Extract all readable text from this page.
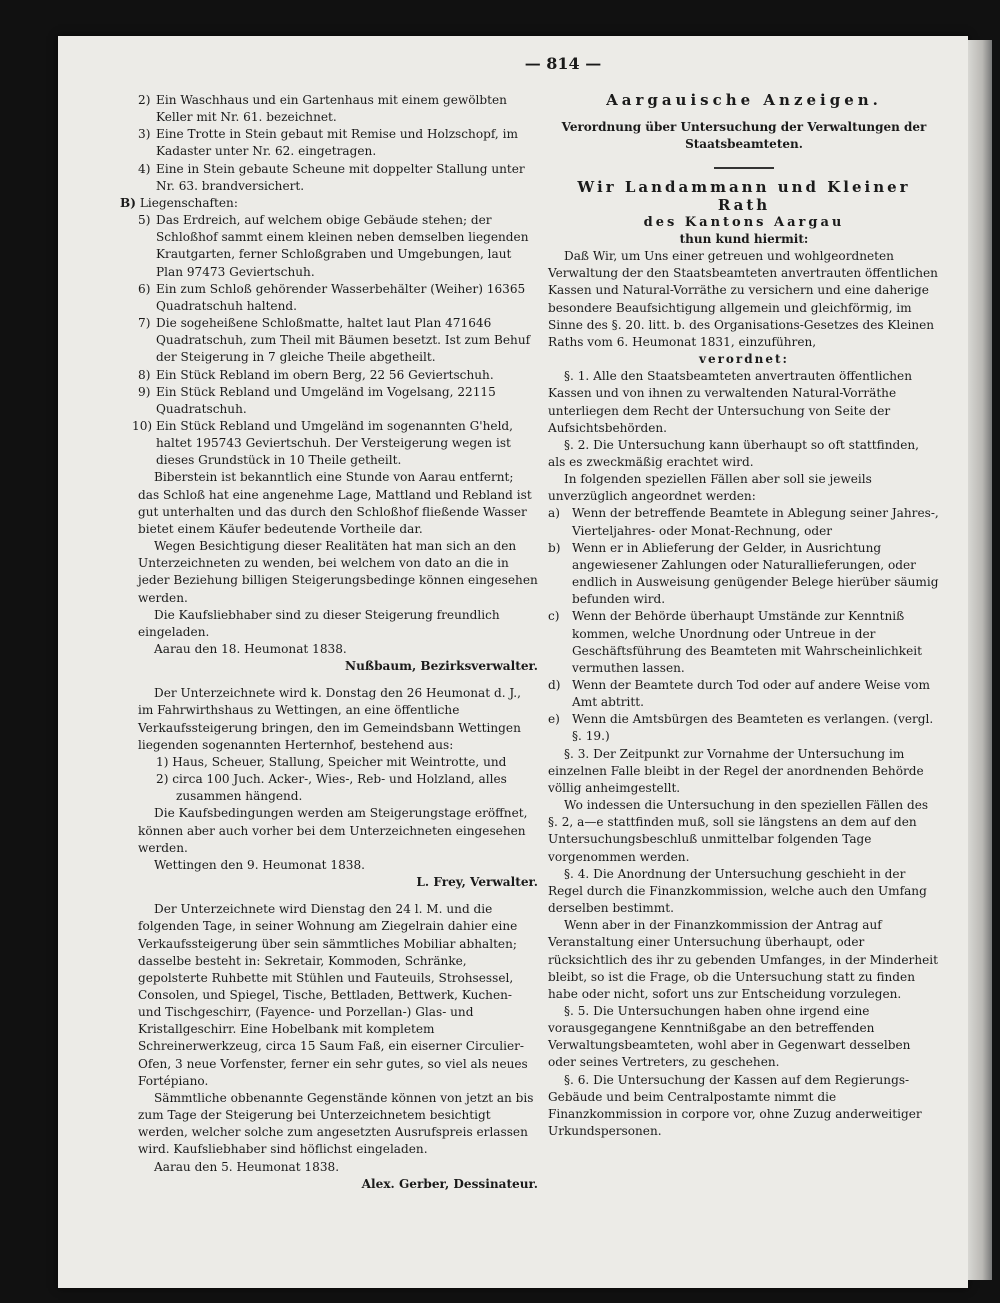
— 814 —
2) Ein Waschhaus und ein Gartenhaus mit einem gewölbten Keller mit Nr. 61. bezeichnet.
3) Eine Trotte in Stein gebaut mit Remise und Holzschopf, im Kadaster unter Nr. 62. eingetragen.
4) Eine in Stein gebaute Scheune mit doppelter Stallung unter Nr. 63. brandversichert.

B) Liegenschaften:

5) Das Erdreich, auf welchem obige Gebäude stehen; der Schloßhof sammt einem kleinen neben demselben liegenden Krautgarten, ferner Schloßgraben und Umgebungen, laut Plan 97473 Geviertschuh.
6) Ein zum Schloß gehörender Wasserbehälter (Weiher) 16365 Quadratschuh haltend.
7) Die sogeheißene Schloßmatte, haltet laut Plan 471646 Quadratschuh, zum Theil mit Bäumen besetzt. Ist zum Behuf der Steigerung in 7 gleiche Theile abgetheilt.
8) Ein Stück Rebland im obern Berg, 22 56 Geviertschuh.
9) Ein Stück Rebland und Umgeländ im Vogelsang, 22115 Quadratschuh.
10) Ein Stück Rebland und Umgeländ im sogenannten G'held, haltet 195743 Geviertschuh. Der Versteigerung wegen ist dieses Grundstück in 10 Theile getheilt.

Biberstein ist bekanntlich eine Stunde von Aarau entfernt; das Schloß hat eine angenehme Lage, Mattland und Rebland ist gut unterhalten und das durch den Schloßhof fließende Wasser bietet einem Käufer bedeutende Vortheile dar.

Wegen Besichtigung dieser Realitäten hat man sich an den Unterzeichneten zu wenden, bei welchem von dato an die in jeder Beziehung billigen Steigerungsbedinge können eingesehen werden.

Die Kaufsliebhaber sind zu dieser Steigerung freundlich eingeladen.

Aarau den 18. Heumonat 1838.

Nußbaum, Bezirksverwalter.

Der Unterzeichnete wird k. Donstag den 26 Heumonat d. J., im Fahrwirthshaus zu Wettingen, an eine öffentliche Verkaufssteigerung bringen, den im Gemeindsbann Wettingen liegenden sogenannten Herternhof, bestehend aus:

1) Haus, Scheuer, Stallung, Speicher mit Weintrotte, und

2) circa 100 Juch. Acker-, Wies-, Reb- und Holzland, alles zusammen hängend.

Die Kaufsbedingungen werden am Steigerungstage eröffnet, können aber auch vorher bei dem Unterzeichneten eingesehen werden.

Wettingen den 9. Heumonat 1838.

L. Frey, Verwalter.

Der Unterzeichnete wird Dienstag den 24 l. M. und die folgenden Tage, in seiner Wohnung am Ziegelrain dahier eine Verkaufssteigerung über sein sämmtliches Mobiliar abhalten; dasselbe besteht in: Sekretair, Kommoden, Schränke, gepolsterte Ruhbette mit Stühlen und Fauteuils, Strohsessel, Consolen, und Spiegel, Tische, Bettladen, Bettwerk, Kuchen- und Tischgeschirr, (Fayence- und Porzellan-) Glas- und Kristallgeschirr. Eine Hobelbank mit kompletem Schreinerwerkzeug, circa 15 Saum Faß, ein eiserner Circulier-Ofen, 3 neue Vorfenster, ferner ein sehr gutes, so viel als neues Fortépiano.

Sämmtliche obbenannte Gegenstände können von jetzt an bis zum Tage der Steigerung bei Unterzeichnetem besichtigt werden, welcher solche zum angesetzten Ausrufspreis erlassen wird. Kaufsliebhaber sind höflichst eingeladen.

Aarau den 5. Heumonat 1838.

Alex. Gerber, Dessinateur.

Aargauische Anzeigen.

Verordnung über Untersuchung der Verwaltungen der Staatsbeamteten.

Wir Landammann und Kleiner Rath

des Kantons Aargau

thun kund hiermit:

Daß Wir, um Uns einer getreuen und wohlgeordneten Verwaltung der den Staatsbeamteten anvertrauten öffentlichen Kassen und Natural-Vorräthe zu versichern und eine daherige besondere Beaufsichtigung allgemein und gleichförmig, im Sinne des §. 20. litt. b. des Organisations-Gesetzes des Kleinen Raths vom 6. Heumonat 1831, einzuführen,

verordnet:

§. 1. Alle den Staatsbeamteten anvertrauten öffentlichen Kassen und von ihnen zu verwaltenden Natural-Vorräthe unterliegen dem Recht der Untersuchung von Seite der Aufsichtsbehörden.

§. 2. Die Untersuchung kann überhaupt so oft stattfinden, als es zweckmäßig erachtet wird.

In folgenden speziellen Fällen aber soll sie jeweils unverzüglich angeordnet werden:

a) Wenn der betreffende Beamtete in Ablegung seiner Jahres-, Vierteljahres- oder Monat-Rechnung, oder
b) Wenn er in Ablieferung der Gelder, in Ausrichtung angewiesener Zahlungen oder Naturallieferungen, oder endlich in Ausweisung genügender Belege hierüber säumig befunden wird.
c)	Wenn der Behörde überhaupt Umstände zur Kenntniß kommen, welche Unordnung oder Untreue in der Geschäftsführung des Beamteten mit Wahrscheinlichkeit vermuthen lassen.
d) Wenn der Beamtete durch Tod oder auf andere Weise vom Amt abtritt.
e)	Wenn die Amtsbürgen des Beamteten es verlangen. (vergl. §. 19.)

§. 3. Der Zeitpunkt zur Vornahme der Untersuchung im einzelnen Falle bleibt in der Regel der anordnenden Behörde völlig anheimgestellt.

Wo indessen die Untersuchung in den speziellen Fällen des §. 2, a—e stattfinden muß, soll sie längstens an dem auf den Untersuchungsbeschluß unmittelbar folgenden Tage vorgenommen werden.

§. 4. Die Anordnung der Untersuchung geschieht in der Regel durch die Finanzkommission, welche auch den Umfang derselben bestimmt.

Wenn aber in der Finanzkommission der Antrag auf Veranstaltung einer Untersuchung überhaupt, oder rücksichtlich des ihr zu gebenden Umfanges, in der Minderheit bleibt, so ist die Frage, ob die Untersuchung statt zu finden habe oder nicht, sofort uns zur Entscheidung vorzulegen.

§. 5. Die Untersuchungen haben ohne irgend eine vorausgegangene Kenntnißgabe an den betreffenden Verwaltungsbeamteten, wohl aber in Gegenwart desselben oder seines Vertreters, zu geschehen.

§. 6. Die Untersuchung der Kassen auf dem Regierungs-Gebäude und beim Centralpostamte nimmt die Finanzkommission in corpore vor, ohne Zuzug anderweitiger Urkundspersonen.
